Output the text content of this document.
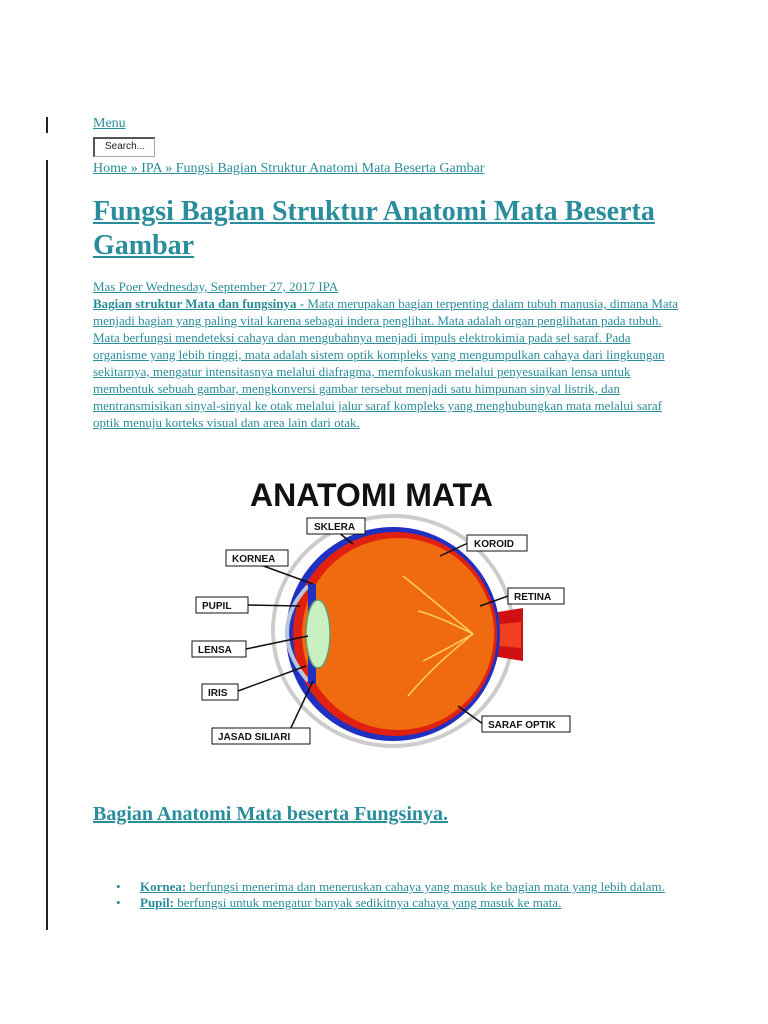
Menu
Search...
Home » IPA » Fungsi Bagian Struktur Anatomi Mata Beserta Gambar
Fungsi Bagian Struktur Anatomi Mata Beserta Gambar
Mas Poer Wednesday, September 27, 2017 IPA
Bagian struktur Mata dan fungsinya - Mata merupakan bagian terpenting dalam tubuh manusia, dimana Mata menjadi bagian yang paling vital karena sebagai indera penglihat. Mata adalah organ penglihatan pada tubuh. Mata berfungsi mendeteksi cahaya dan mengubahnya menjadi impuls elektrokimia pada sel saraf. Pada organisme yang lebih tinggi, mata adalah sistem optik kompleks yang mengumpulkan cahaya dari lingkungan sekitarnya, mengatur intensitasnya melalui diafragma, memfokuskan melalui penyesuaikan lensa untuk membentuk sebuah gambar, mengkonversi gambar tersebut menjadi satu himpunan sinyal listrik, dan mentransmisikan sinyal-sinyal ke otak melalui jalur saraf kompleks yang menghubungkan mata melalui saraf optik menuju korteks visual dan area lain dari otak.
ANATOMI MATA
SKLERA
KORNEA
KOROID
PUPIL
RETINA
LENSA
IRIS
SARAF OPTIK
JASAD SILIARI
Bagian Anatomi Mata beserta Fungsinya.
• Kornea: berfungsi menerima dan meneruskan cahaya yang masuk ke bagian mata yang lebih dalam.
• Pupil: berfungsi untuk mengatur banyak sedikitnya cahaya yang masuk ke mata.
